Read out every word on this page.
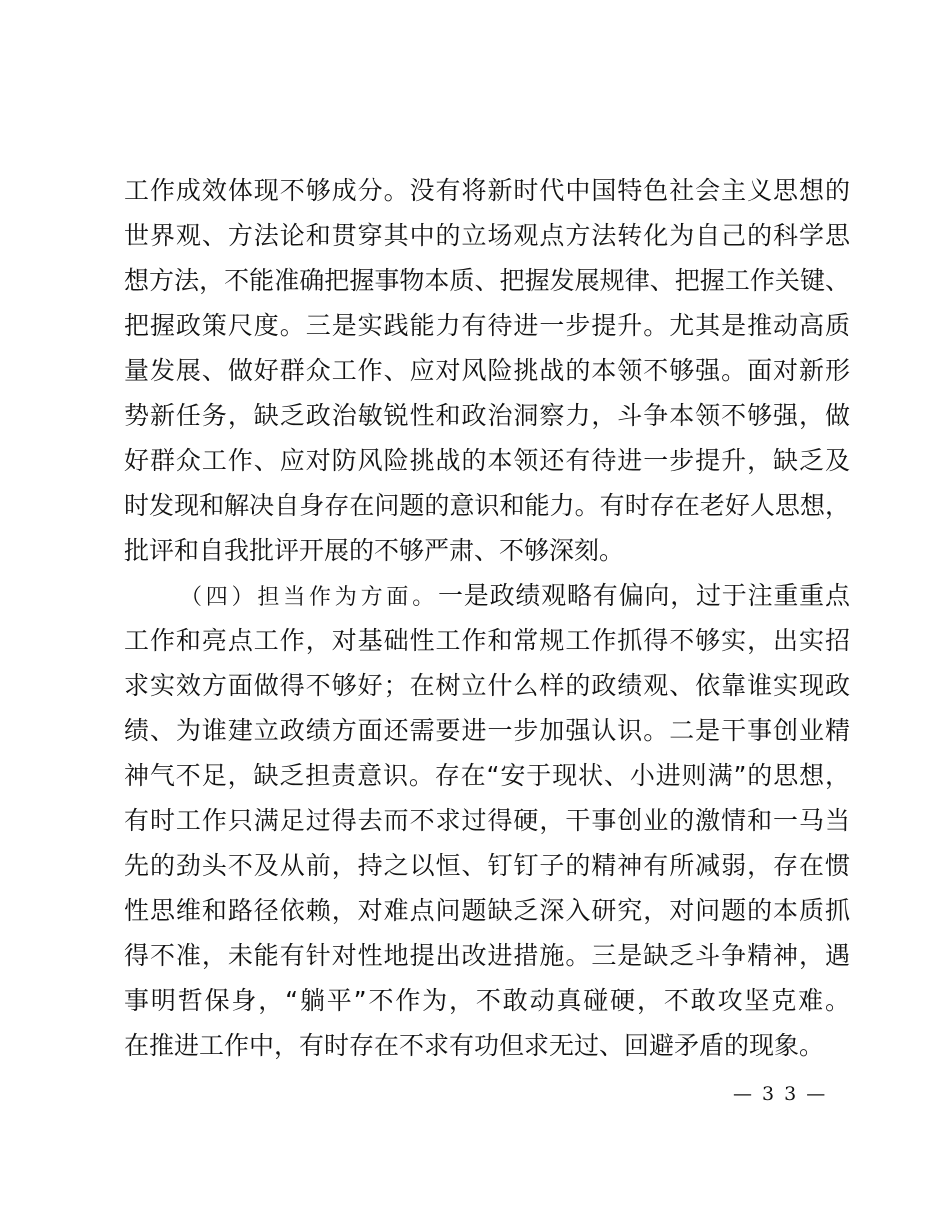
工作成效体现不够成分。没有将新时代中国特色社会主义思想的
世界观、方法论和贯穿其中的立场观点方法转化为自己的科学思
想方法，不能准确把握事物本质、把握发展规律、把握工作关键、
把握政策尺度。三是实践能力有待进一步提升。尤其是推动高质
量发展、做好群众工作、应对风险挑战的本领不够强。面对新形
势新任务，缺乏政治敏锐性和政治洞察力，斗争本领不够强，做
好群众工作、应对防风险挑战的本领还有待进一步提升，缺乏及
时发现和解决自身存在问题的意识和能力。有时存在老好人思想，
批评和自我批评开展的不够严肃、不够深刻。
（四）担当作为方面。一是政绩观略有偏向，过于注重重点
工作和亮点工作，对基础性工作和常规工作抓得不够实，出实招
求实效方面做得不够好；在树立什么样的政绩观、依靠谁实现政
绩、为谁建立政绩方面还需要进一步加强认识。二是干事创业精
神气不足，缺乏担责意识。存在“安于现状、小进则满”的思想，
有时工作只满足过得去而不求过得硬，干事创业的激情和一马当
先的劲头不及从前，持之以恒、钉钉子的精神有所减弱，存在惯
性思维和路径依赖，对难点问题缺乏深入研究，对问题的本质抓
得不准，未能有针对性地提出改进措施。三是缺乏斗争精神，遇
事明哲保身，“躺平”不作为，不敢动真碰硬，不敢攻坚克难。
在推进工作中，有时存在不求有功但求无过、回避矛盾的现象。
— 3 3 —
